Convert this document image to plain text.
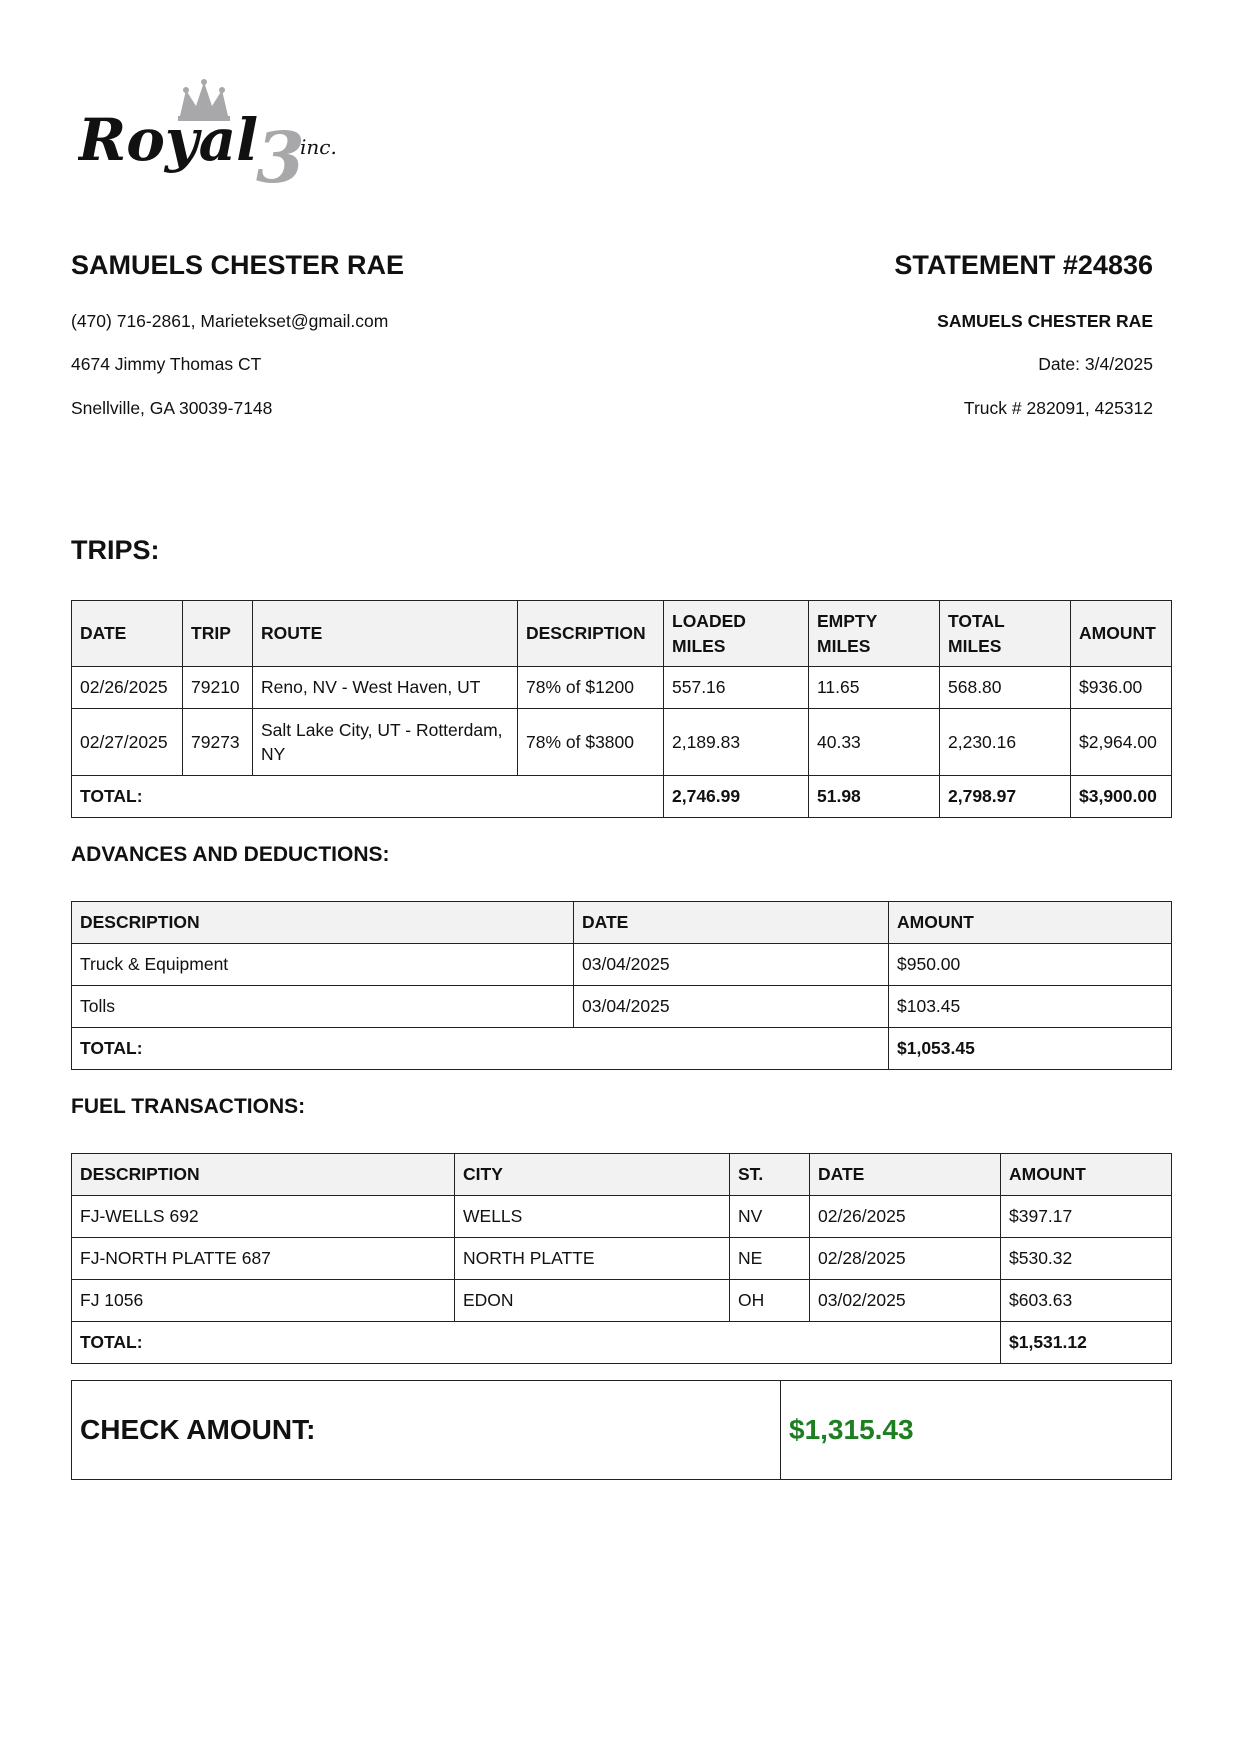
Royal
3
inc.
SAMUELS CHESTER RAE	STATEMENT #24836
(470) 716-2861, Marietekset@gmail.com
4674 Jimmy Thomas CT
Snellville, GA 30039-7148
SAMUELS CHESTER RAE
Date: 3/4/2025
Truck # 282091, 425312
TRIPS:
DATE	TRIP	ROUTE	DESCRIPTION	LOADED MILES	EMPTY MILES	TOTAL MILES	AMOUNT
02/26/2025	79210	Reno, NV - West Haven, UT	78% of $1200	557.16	11.65	568.80	$936.00
02/27/2025	79273	Salt Lake City, UT - Rotterdam, NY	78% of $3800	2,189.83	40.33	2,230.16	$2,964.00
TOTAL:				2,746.99	51.98	2,798.97	$3,900.00
ADVANCES AND DEDUCTIONS:
DESCRIPTION	DATE	AMOUNT
Truck & Equipment	03/04/2025	$950.00
Tolls	03/04/2025	$103.45
TOTAL:		$1,053.45
FUEL TRANSACTIONS:
DESCRIPTION	CITY	ST.	DATE	AMOUNT
FJ-WELLS 692	WELLS	NV	02/26/2025	$397.17
FJ-NORTH PLATTE 687	NORTH PLATTE	NE	02/28/2025	$530.32
FJ 1056	EDON	OH	03/02/2025	$603.63
TOTAL:				$1,531.12
CHECK AMOUNT:	$1,315.43
